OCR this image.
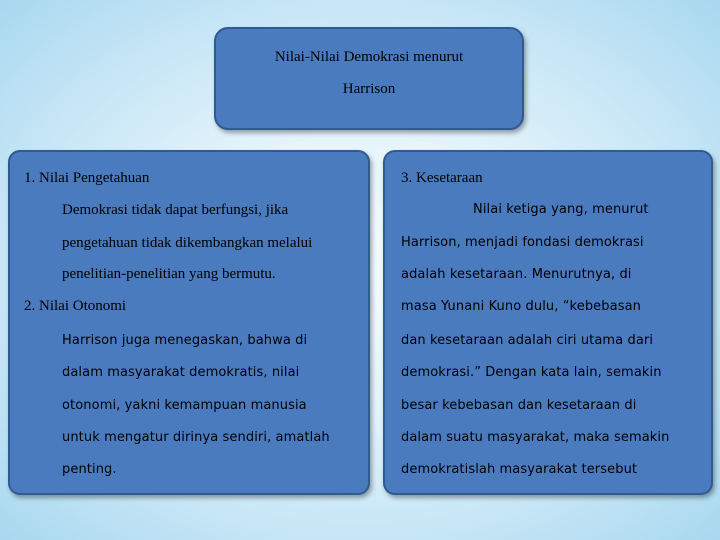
Nilai-Nilai Demokrasi menurut
Harrison
1. Nilai Pengetahuan
Demokrasi tidak dapat berfungsi, jika
pengetahuan tidak dikembangkan melalui
penelitian-penelitian yang bermutu.
2. Nilai Otonomi
Harrison juga menegaskan, bahwa di
dalam masyarakat demokratis, nilai
otonomi, yakni kemampuan manusia
untuk mengatur dirinya sendiri, amatlah
penting.
3. Kesetaraan
Nilai ketiga yang, menurut
Harrison, menjadi fondasi demokrasi
adalah kesetaraan. Menurutnya, di
masa Yunani Kuno dulu, “kebebasan
dan kesetaraan adalah ciri utama dari
demokrasi.” Dengan kata lain, semakin
besar kebebasan dan kesetaraan di
dalam suatu masyarakat, maka semakin
demokratislah masyarakat tersebut
